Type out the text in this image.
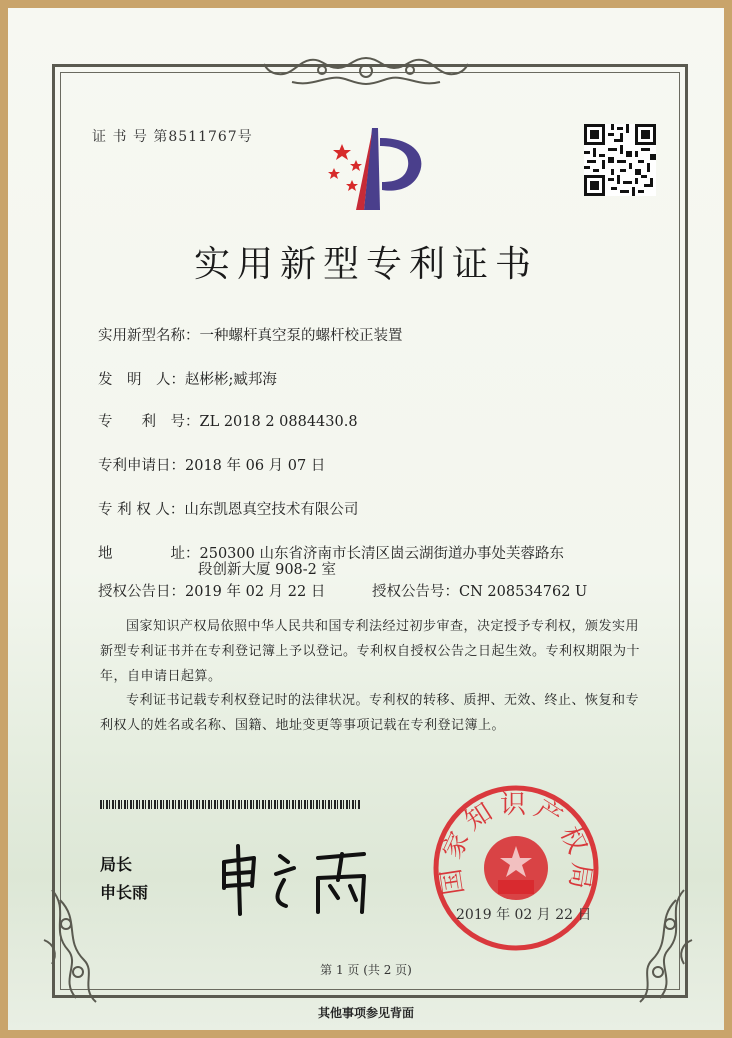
证 书 号 第8511767号
实用新型专利证书
实用新型名称：一种螺杆真空泵的螺杆校正装置
发　明　人：赵彬彬;臧邦海
专　　利　号：ZL 2018 2 0884430.8
专利申请日：2018 年 06 月 07 日
专 利 权 人：山东凯恩真空技术有限公司
地　　　　址：250300 山东省济南市长清区崮云湖街道办事处芙蓉路东
段创新大厦 908-2 室
授权公告日：2019 年 02 月 22 日	授权公告号：CN 208534762 U
国家知识产权局依照中华人民共和国专利法经过初步审查，决定授予专利权，颁发实用新型专利证书并在专利登记簿上予以登记。专利权自授权公告之日起生效。专利权期限为十年，自申请日起算。
专利证书记载专利权登记时的法律状况。专利权的转移、质押、无效、终止、恢复和专利权人的姓名或名称、国籍、地址变更等事项记载在专利登记簿上。
局长
申长雨	国家知识产权局
2019 年 02 月 22 日
第 1 页 (共 2 页)
其他事项参见背面
